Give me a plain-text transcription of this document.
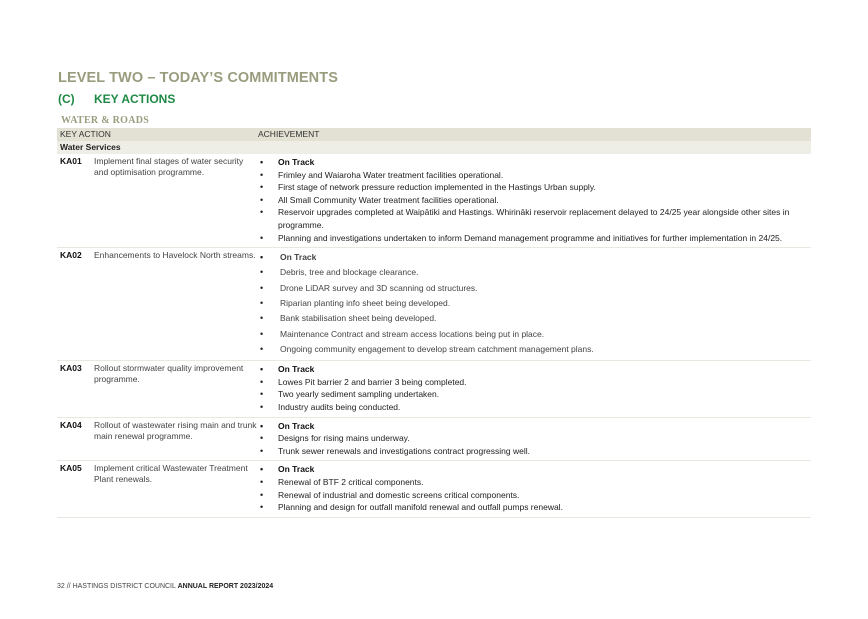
LEVEL TWO – TODAY’S COMMITMENTS
(C) KEY ACTIONS
WATER & ROADS
KEY ACTION	ACHIEVEMENT
Water Services
KA01	Implement final stages of water security and optimisation programme.
• On Track
• Frimley and Waiaroha Water treatment facilities operational.
• First stage of network pressure reduction implemented in the Hastings Urban supply.
• All Small Community Water treatment facilities operational.
• Reservoir upgrades completed at Waipātiki and Hastings. Whirināki reservoir replacement delayed to 24/25 year alongside other sites in programme.
• Planning and investigations undertaken to inform Demand management programme and initiatives for further implementation in 24/25.
KA02	Enhancements to Havelock North streams.
•	On Track
• Debris, tree and blockage clearance.
• Drone LiDAR survey and 3D scanning od structures.
• Riparian planting info sheet being developed.
• Bank stabilisation sheet being developed.
• Maintenance Contract and stream access locations being put in place.
• Ongoing community engagement to develop stream catchment management plans.
KA03	Rollout stormwater quality improvement programme.
• On Track
• Lowes Pit barrier 2 and barrier 3 being completed.
• Two yearly sediment sampling undertaken.
• Industry audits being conducted.
KA04	Rollout of wastewater rising main and trunk main renewal programme.
• On Track
• Designs for rising mains underway.
• Trunk sewer renewals and investigations contract progressing well.
KA05	Implement critical Wastewater Treatment Plant renewals.
• On Track
• Renewal of BTF 2 critical components.
• Renewal of industrial and domestic screens critical components.
• Planning and design for outfall manifold renewal and outfall pumps renewal.
32 // HASTINGS DISTRICT COUNCIL ANNUAL REPORT 2023/2024
